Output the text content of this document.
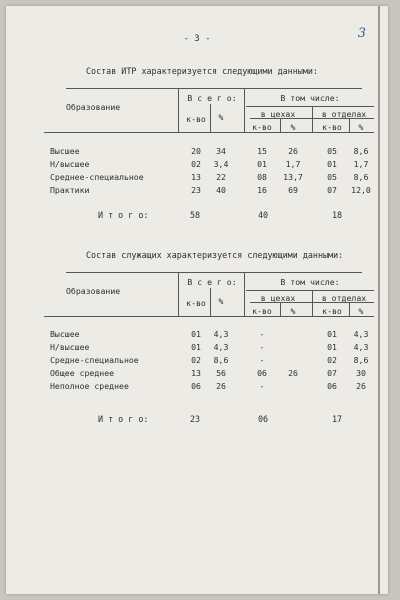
3
- 3 -
Состав ИТР характеризуется следующими данными:
Образование
В с е г о:	В том числе:
в цехах	в отделах
к-во %
к-во %	к-во %
Высшее	20 34	15	26	05 8,6
Н/высшее	02 3,4	01 1,7	01 1,7
Среднее-специальное	13 22	08 13,7	05 8,6
Практики	23 40	16	69	07 12,0
И т о г о:	58	40	18
Состав служащих характеризуется следующими данными:
Образование
В с е г о:	В том числе:
в цехах	в отделах
к-во %
к-во %	к-во %
Высшее	01 4,3	-	01 4,3
Н/высшее	01 4,3	-	01 4,3
Средне-специальное	02 8,6	-	02 8,6
Общее среднее	13 56	06	26	07 30
Неполное среднее	06 26	-	06 26
И т о г о:	23	06	17
